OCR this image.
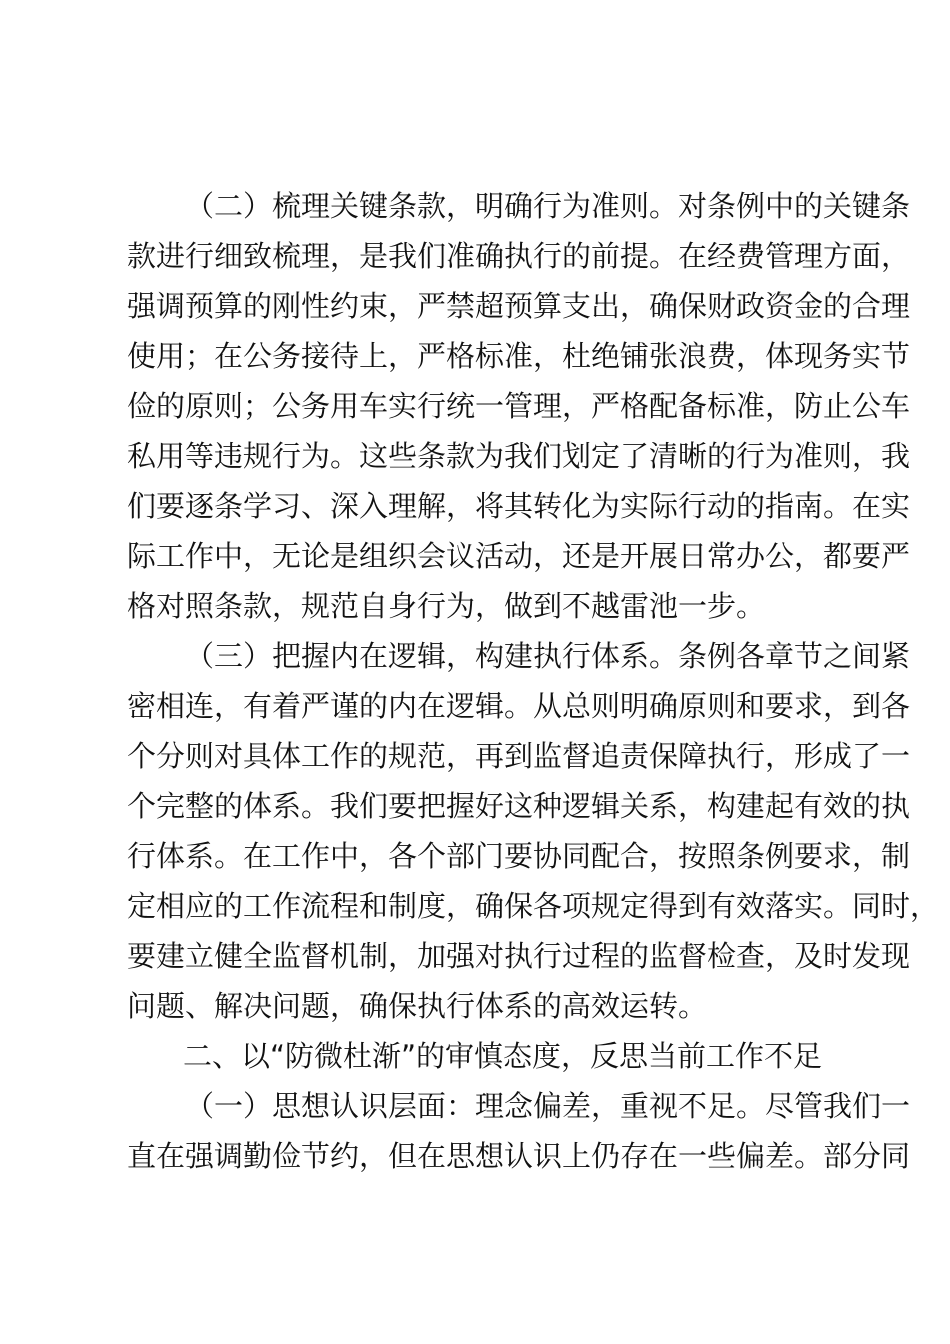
（二）梳理关键条款，明确行为准则。对条例中的关键条
款进行细致梳理，是我们准确执行的前提。在经费管理方面，
强调预算的刚性约束，严禁超预算支出，确保财政资金的合理
使用；在公务接待上，严格标准，杜绝铺张浪费，体现务实节
俭的原则；公务用车实行统一管理，严格配备标准，防止公车
私用等违规行为。这些条款为我们划定了清晰的行为准则，我
们要逐条学习、深入理解，将其转化为实际行动的指南。在实
际工作中，无论是组织会议活动，还是开展日常办公，都要严
格对照条款，规范自身行为，做到不越雷池一步。
（三）把握内在逻辑，构建执行体系。条例各章节之间紧
密相连，有着严谨的内在逻辑。从总则明确原则和要求，到各
个分则对具体工作的规范，再到监督追责保障执行，形成了一
个完整的体系。我们要把握好这种逻辑关系，构建起有效的执
行体系。在工作中，各个部门要协同配合，按照条例要求，制
定相应的工作流程和制度，确保各项规定得到有效落实。同时，
要建立健全监督机制，加强对执行过程的监督检查，及时发现
问题、解决问题，确保执行体系的高效运转。
二、以“防微杜渐”的审慎态度，反思当前工作不足
（一）思想认识层面：理念偏差，重视不足。尽管我们一
直在强调勤俭节约，但在思想认识上仍存在一些偏差。部分同
